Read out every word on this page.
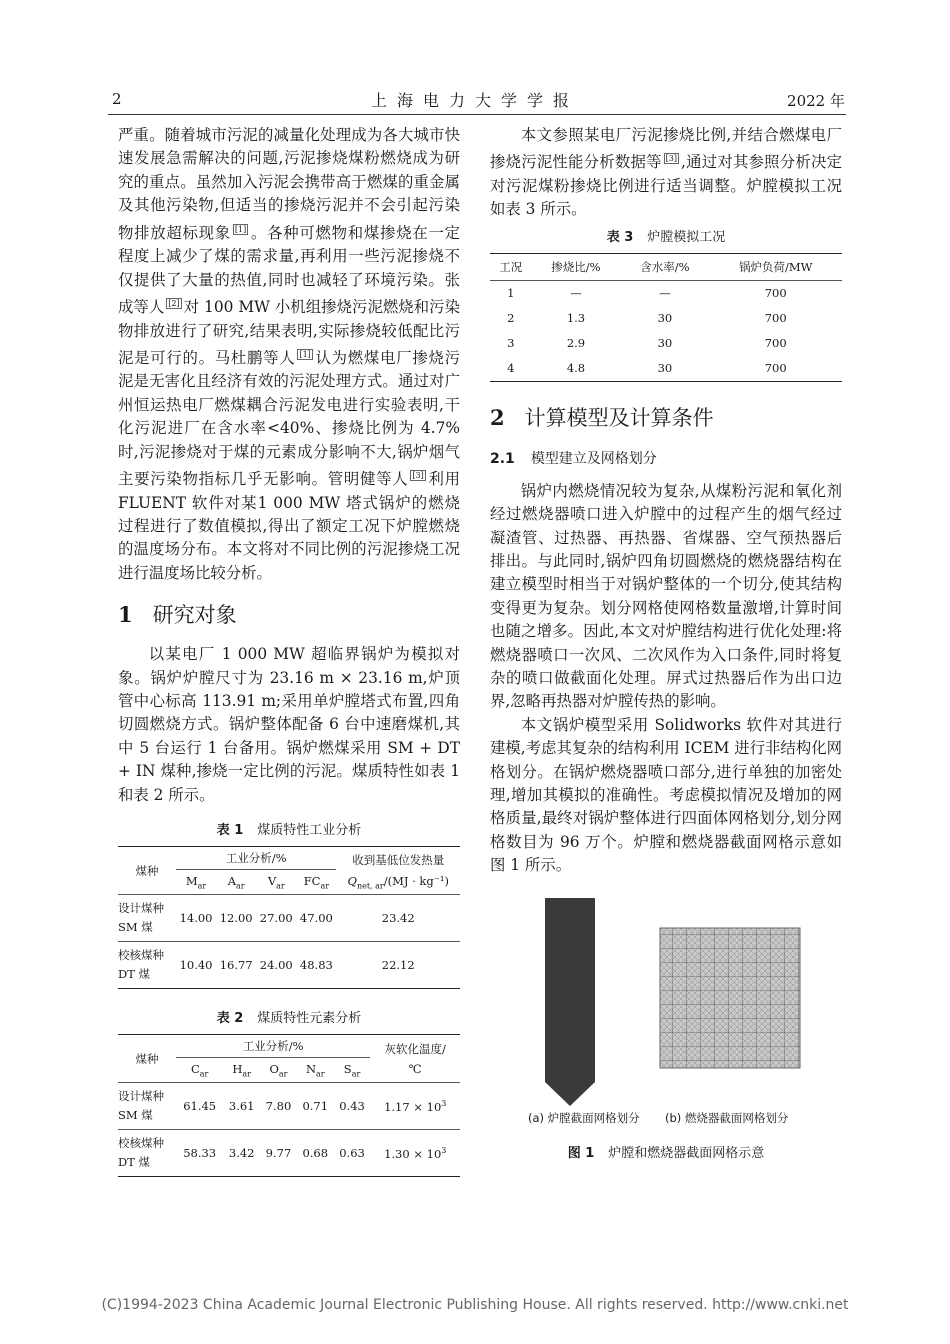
2	上海电力大学学报	2022 年

严重。随着城市污泥的减量化处理成为各大城市快速发展急需解决的问题,污泥掺烧煤粉燃烧成为研究的重点。虽然加入污泥会携带高于燃煤的重金属及其他污染物,但适当的掺烧污泥并不会引起污染物排放超标现象 [1] 。各种可燃物和煤掺烧在一定程度上减少了煤的需求量,再利用一些污泥掺烧不仅提供了大量的热值,同时也减轻了环境污染。张成等人 [2] 对 100 MW 小机组掺烧污泥燃烧和污染物排放进行了研究,结果表明,实际掺烧较低配比污泥是可行的。马杜鹏等人 [1] 认为燃煤电厂掺烧污泥是无害化且经济有效的污泥处理方式。通过对广州恒运热电厂燃煤耦合污泥发电进行实验表明,干化污泥进厂在含水率<40%、掺烧比例为 4.7% 时,污泥掺烧对于煤的元素成分影响不大,锅炉烟气主要污染物指标几乎无影响。管明健等人 [3] 利用 FLUENT 软件对某1 000 MW 塔式锅炉的燃烧过程进行了数值模拟,得出了额定工况下炉膛燃烧的温度场分布。本文将对不同比例的污泥掺烧工况进行温度场比较分析。

1 研究对象

以某电厂 1 000 MW 超临界锅炉为模拟对象。锅炉炉膛尺寸为 23.16 m × 23.16 m,炉顶管中心标高 113.91 m;采用单炉膛塔式布置,四角切圆燃烧方式。锅炉整体配备 6 台中速磨煤机,其中 5 台运行 1 台备用。锅炉燃煤采用 SM + DT + IN 煤种,掺烧一定比例的污泥。煤质特性如表 1 和表 2 所示。

表 1 煤质特性工业分析
煤种	工业分析/%				收到基低位发热量
	$M_{ar}$	$A_{ar}$	$V_{ar}$	$FC_{ar}$	$Q_{net, ar}/(MJ \cdot kg^{-1})$
设计煤种
SM 煤	14.00	12.00	27.00	47.00	23.42
校核煤种
DT 煤	10.40	16.77	24.00	48.83	22.12
表 2 煤质特性元素分析
煤种	工业分析/%					灰软化温度/
℃
	$C_{ar}$	$H_{ar}$	$O_{ar}$	$N_{ar}$	$S_{ar}$
设计煤种
SM 煤	61.45	3.61	7.80	0.71	0.43	$1.17 \times 10^3$
校核煤种
DT 煤	58.33	3.42	9.77	0.68	0.63	$1.30 \times 10^3$

本文参照某电厂污泥掺烧比例,并结合燃煤电厂掺烧污泥性能分析数据等 [3] ,通过对其参照分析决定对污泥煤粉掺烧比例进行适当调整。炉膛模拟工况如表 3 所示。

表 3 炉膛模拟工况
工况	掺烧比/%	含水率/%	锅炉负荷/MW
1	—	—	700
2	1.3	30	700
3	2.9	30	700
4	4.8	30	700
2 计算模型及计算条件
2.1 模型建立及网格划分

锅炉内燃烧情况较为复杂,从煤粉污泥和氧化剂经过燃烧器喷口进入炉膛中的过程产生的烟气经过凝渣管、过热器、再热器、省煤器、空气预热器后排出。与此同时,锅炉四角切圆燃烧的燃烧器结构在建立模型时相当于对锅炉整体的一个切分,使其结构变得更为复杂。划分网格使网格数量激增,计算时间也随之增多。因此,本文对炉膛结构进行优化处理:将燃烧器喷口一次风、二次风作为入口条件,同时将复杂的喷口做截面化处理。屏式过热器后作为出口边界,忽略再热器对炉膛传热的影响。

本文锅炉模型采用 Solidworks 软件对其进行建模,考虑其复杂的结构利用 ICEM 进行非结构化网格划分。在锅炉燃烧器喷口部分,进行单独的加密处理,增加其模拟的准确性。考虑模拟情况及增加的网格质量,最终对锅炉整体进行四面体网格划分,划分网格数目为 96 万个。炉膛和燃烧器截面网格示意如图 1 所示。

(a) 炉膛截面网格划分 (b) 燃烧器截面网格划分
图 1 炉膛和燃烧器截面网格示意
(C)1994-2023 China Academic Journal Electronic Publishing House. All rights reserved. http://www.cnki.net
